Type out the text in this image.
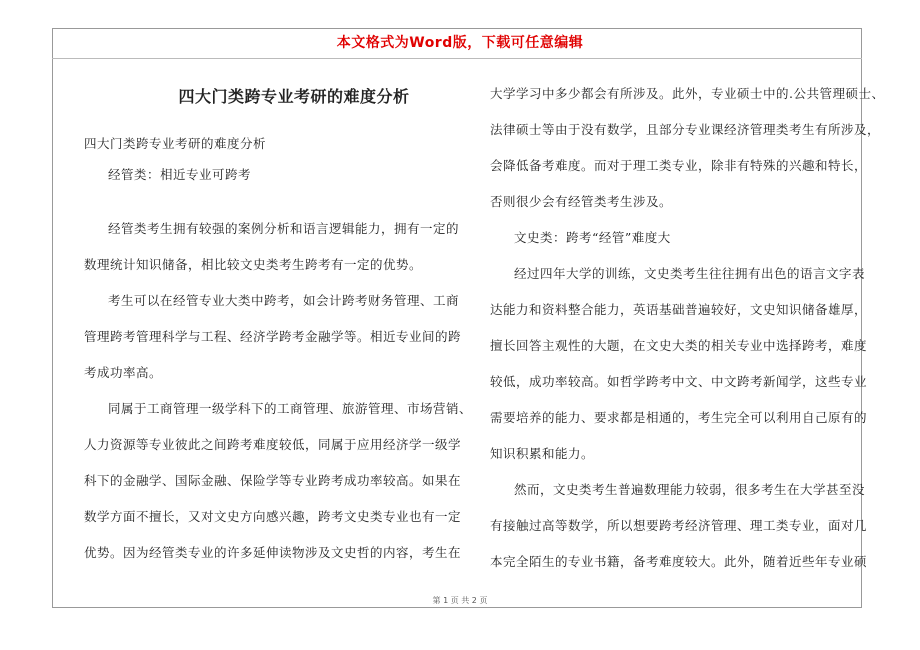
本文格式为Word版，下载可任意编辑
四大门类跨专业考研的难度分析
四大门类跨专业考研的难度分析
经管类：相近专业可跨考
经管类考生拥有较强的案例分析和语言逻辑能力，拥有一定的
数理统计知识储备，相比较文史类考生跨考有一定的优势。
考生可以在经管专业大类中跨考，如会计跨考财务管理、工商
管理跨考管理科学与工程、经济学跨考金融学等。相近专业间的跨
考成功率高。
同属于工商管理一级学科下的工商管理、旅游管理、市场营销、
人力资源等专业彼此之间跨考难度较低，同属于应用经济学一级学
科下的金融学、国际金融、保险学等专业跨考成功率较高。如果在
数学方面不擅长，又对文史方向感兴趣，跨考文史类专业也有一定
优势。因为经管类专业的许多延伸读物涉及文史哲的内容，考生在
大学学习中多少都会有所涉及。此外，专业硕士中的.公共管理硕士、
法律硕士等由于没有数学，且部分专业课经济管理类考生有所涉及，
会降低备考难度。而对于理工类专业，除非有特殊的兴趣和特长，
否则很少会有经管类考生涉及。
文史类：跨考“经管”难度大
经过四年大学的训练，文史类考生往往拥有出色的语言文字表
达能力和资料整合能力，英语基础普遍较好，文史知识储备雄厚，
擅长回答主观性的大题，在文史大类的相关专业中选择跨考，难度
较低，成功率较高。如哲学跨考中文、中文跨考新闻学，这些专业
需要培养的能力、要求都是相通的，考生完全可以利用自己原有的
知识积累和能力。
然而，文史类考生普遍数理能力较弱，很多考生在大学甚至没
有接触过高等数学，所以想要跨考经济管理、理工类专业，面对几
本完全陌生的专业书籍，备考难度较大。此外，随着近些年专业硕
第 1 页 共 2 页
